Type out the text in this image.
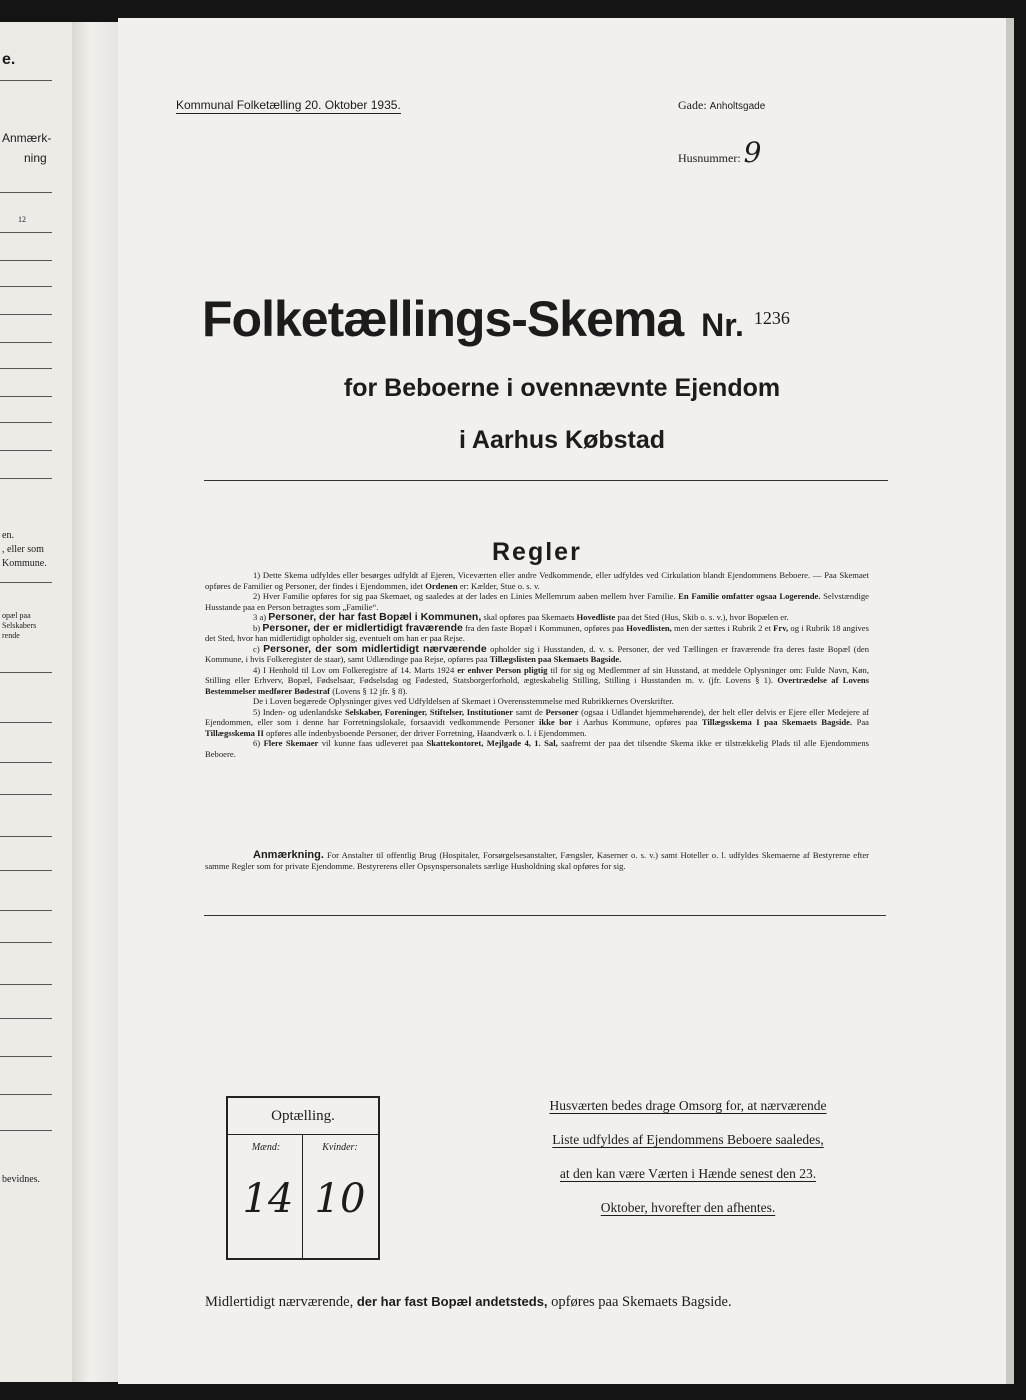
e.
Anmærk-
ning
12
en.
, eller som
Kommune.
opæl paa
Selskabers
rende
bevidnes.
Kommunal Folketælling 20. Oktober 1935.	Gade: Anholtsgade
Husnummer: 9
Folketællings-Skema Nr. 1236
for Beboerne i ovennævnte Ejendom
i Aarhus Købstad
Regler

1) Dette Skema udfyldes eller besørges udfyldt af Ejeren, Viceværten eller andre Vedkommende, eller udfyldes ved Cirkulation blandt Ejendommens Beboere. — Paa Skemaet opføres de Familier og Personer, der findes i Ejendommen, idet Ordenen er: Kælder, Stue o. s. v.

2) Hver Familie opføres for sig paa Skemaet, og saaledes at der lades en Linies Mellemrum aaben mellem hver Familie. En Familie omfatter ogsaa Logerende. Selvstændige Husstande paa en Person betragtes som „Familie“.

3 a) Personer, der har fast Bopæl i Kommunen, skal opføres paa Skemaets Hovedliste paa det Sted (Hus, Skib o. s. v.), hvor Bopælen er.

b) Personer, der er midlertidigt fraværende fra den faste Bopæl i Kommunen, opføres paa Hovedlisten, men der sættes i Rubrik 2 et Frv, og i Rubrik 18 angives det Sted, hvor han midlertidigt opholder sig, eventuelt om han er paa Rejse.

c) Personer, der som midlertidigt nærværende opholder sig i Husstanden, d. v. s. Personer, der ved Tællingen er fraværende fra deres faste Bopæl (den Kommune, i hvis Folkeregister de staar), samt Udlændinge paa Rejse, opføres paa Tillægslisten paa Skemaets Bagside.

4) I Henhold til Lov om Folkeregistre af 14. Marts 1924 er enhver Person pligtig til for sig og Medlemmer af sin Husstand, at meddele Oplysninger om: Fulde Navn, Køn, Stilling eller Erhverv, Bopæl, Fødselsaar, Fødselsdag og Fødested, Statsborgerforhold, ægteskabelig Stilling, Stilling i Husstanden m. v. (jfr. Lovens § 1). Overtrædelse af Lovens Bestemmelser medfører Bødestraf (Lovens § 12 jfr. § 8).

De i Loven begærede Oplysninger gives ved Udfyldelsen af Skemaet i Overensstemmelse med Rubrikkernes Overskrifter.

5) Inden- og udenlandske Selskaber, Foreninger, Stiftelser, Institutioner samt de Personer (ogsaa i Udlandet hjemmehørende), der helt eller delvis er Ejere eller Medejere af Ejendommen, eller som i denne har Forretningslokale, forsaavidt vedkommende Personer ikke bor i Aarhus Kommune, opføres paa Tillægsskema I paa Skemaets Bagside. Paa Tillægsskema II opføres alle indenbysboende Personer, der driver Forretning, Haandværk o. l. i Ejendommen.

6) Flere Skemaer vil kunne faas udleveret paa Skattekontoret, Mejlgade 4, 1. Sal, saafremt der paa det tilsendte Skema ikke er tilstrækkelig Plads til alle Ejendommens Beboere.

Anmærkning. For Anstalter til offentlig Brug (Hospitaler, Forsørgelsesanstalter, Fængsler, Kaserner o. s. v.) samt Hoteller o. l. udfyldes Skemaerne af Bestyrerne efter samme Regler som for private Ejendomme. Bestyrerens eller Opsynspersonalets særlige Husholdning skal opføres for sig.

Optælling.
Mænd:	Kvinder:
14 10
Husværten bedes drage Omsorg for, at nærværende
Liste udfyldes af Ejendommens Beboere saaledes,
at den kan være Værten i Hænde senest den 23.
Oktober, hvorefter den afhentes.
Midlertidigt nærværende, der har fast Bopæl andetsteds, opføres paa Skemaets Bagside.
